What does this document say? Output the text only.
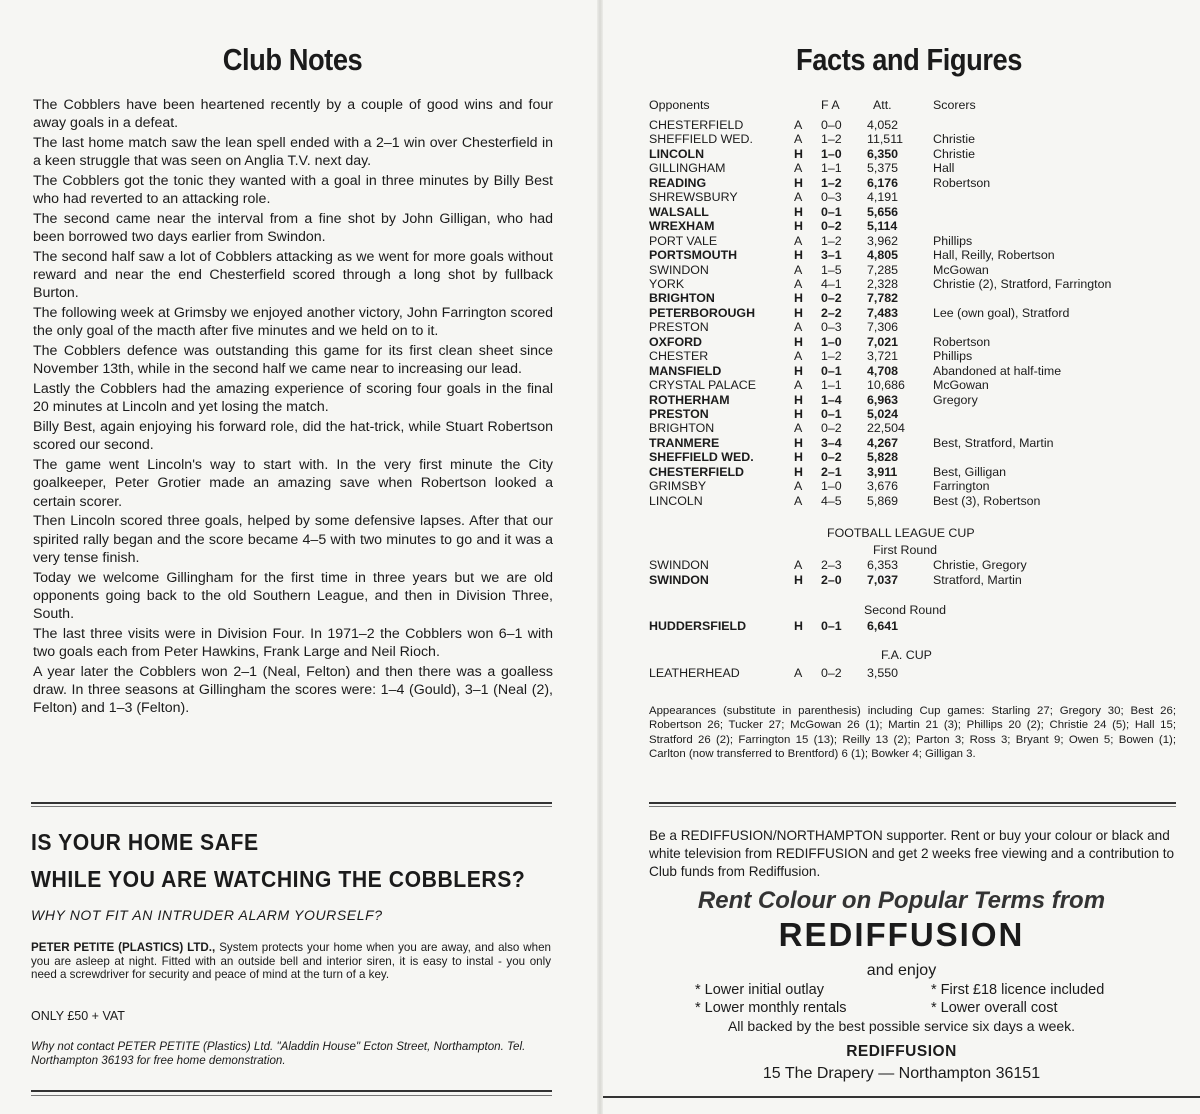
Club Notes

The Cobblers have been heartened recently by a couple of good wins and four away goals in a defeat.

The last home match saw the lean spell ended with a 2–1 win over Chesterfield in a keen struggle that was seen on Anglia T.V. next day.

The Cobblers got the tonic they wanted with a goal in three minutes by Billy Best who had reverted to an attacking role.

The second came near the interval from a fine shot by John Gilligan, who had been borrowed two days earlier from Swindon.

The second half saw a lot of Cobblers attacking as we went for more goals without reward and near the end Chesterfield scored through a long shot by fullback Burton.

The following week at Grimsby we enjoyed another victory, John Farrington scored the only goal of the macth after five minutes and we held on to it.

The Cobblers defence was outstanding this game for its first clean sheet since November 13th, while in the second half we came near to increasing our lead.

Lastly the Cobblers had the amazing experience of scoring four goals in the final 20 minutes at Lincoln and yet losing the match.

Billy Best, again enjoying his forward role, did the hat-trick, while Stuart Robertson scored our second.

The game went Lincoln's way to start with. In the very first minute the City goalkeeper, Peter Grotier made an amazing save when Robertson looked a certain scorer.

Then Lincoln scored three goals, helped by some defensive lapses. After that our spirited rally began and the score became 4–5 with two minutes to go and it was a very tense finish.

Today we welcome Gillingham for the first time in three years but we are old opponents going back to the old Southern League, and then in Division Three, South.

The last three visits were in Division Four. In 1971–2 the Cobblers won 6–1 with two goals each from Peter Hawkins, Frank Large and Neil Rioch.

A year later the Cobblers won 2–1 (Neal, Felton) and then there was a goalless draw. In three seasons at Gillingham the scores were: 1–4 (Gould), 3–1 (Neal (2), Felton) and 1–3 (Felton).

IS YOUR HOME SAFE
WHILE YOU ARE WATCHING THE COBBLERS?
WHY NOT FIT AN INTRUDER ALARM YOURSELF?
PETER PETITE (PLASTICS) LTD., System protects your home when you are away, and also when you are asleep at night. Fitted with an outside bell and interior siren, it is easy to instal - you only need a screwdriver for security and peace of mind at the turn of a key.
ONLY £50 + VAT
Why not contact PETER PETITE (Plastics) Ltd. "Aladdin House" Ecton Street, Northampton. Tel. Northampton 36193 for free home demonstration.
Facts and Figures
Opponents	F A	Att.	Scorers
CHESTERFIELD	A 0–0 4,052
SHEFFIELD WED.	A 1–2 11,511 Christie
LINCOLN	H 1–0 6,350	Christie
GILLINGHAM	A 1–1 5,375	Hall
READING	H 1–2 6,176	Robertson
SHREWSBURY	A 0–3 4,191
WALSALL	H 0–1 5,656
WREXHAM	H 0–2 5,114
PORT VALE	A 1–2 3,962	Phillips
PORTSMOUTH	H 3–1 4,805	Hall, Reilly, Robertson
SWINDON	A 1–5 7,285	McGowan
YORK	A 4–1 2,328	Christie (2), Stratford, Farrington
BRIGHTON	H 0–2 7,782
PETERBOROUGH	H 2–2 7,483	Lee (own goal), Stratford
PRESTON	A 0–3 7,306
OXFORD	H 1–0 7,021	Robertson
CHESTER	A 1–2 3,721	Phillips
MANSFIELD	H 0–1 4,708	Abandoned at half-time
CRYSTAL PALACE	A 1–1 10,686 McGowan
ROTHERHAM	H 1–4 6,963	Gregory
PRESTON	H 0–1 5,024
BRIGHTON	A 0–2 22,504
TRANMERE	H 3–4 4,267	Best, Stratford, Martin
SHEFFIELD WED.	H 0–2 5,828
CHESTERFIELD	H 2–1 3,911	Best, Gilligan
GRIMSBY	A 1–0 3,676	Farrington
LINCOLN	A 4–5 5,869	Best (3), Robertson
FOOTBALL LEAGUE CUP
First Round
SWINDON	A 2–3 6,353	Christie, Gregory
SWINDON	H 2–0 7,037	Stratford, Martin
Second Round
HUDDERSFIELD	H 0–1 6,641
F.A. CUP
LEATHERHEAD	A 0–2 3,550
Appearances (substitute in parenthesis) including Cup games: Starling 27; Gregory 30; Best 26; Robertson 26; Tucker 27; McGowan 26 (1); Martin 21 (3); Phillips 20 (2); Christie 24 (5); Hall 15; Stratford 26 (2); Farrington 15 (13); Reilly 13 (2); Parton 3; Ross 3; Bryant 9; Owen 5; Bowen (1); Carlton (now transferred to Brentford) 6 (1); Bowker 4; Gilligan 3.
Be a REDIFFUSION/NORTHAMPTON supporter. Rent or buy your colour or black and white television from REDIFFUSION and get 2 weeks free viewing and a contribution to Club funds from Rediffusion.
Rent Colour on Popular Terms from
REDIFFUSION
and enjoy
* Lower initial outlay	* First £18 licence included
* Lower monthly rentals	* Lower overall cost
All backed by the best possible service six days a week.
REDIFFUSION
15 The Drapery — Northampton 36151
